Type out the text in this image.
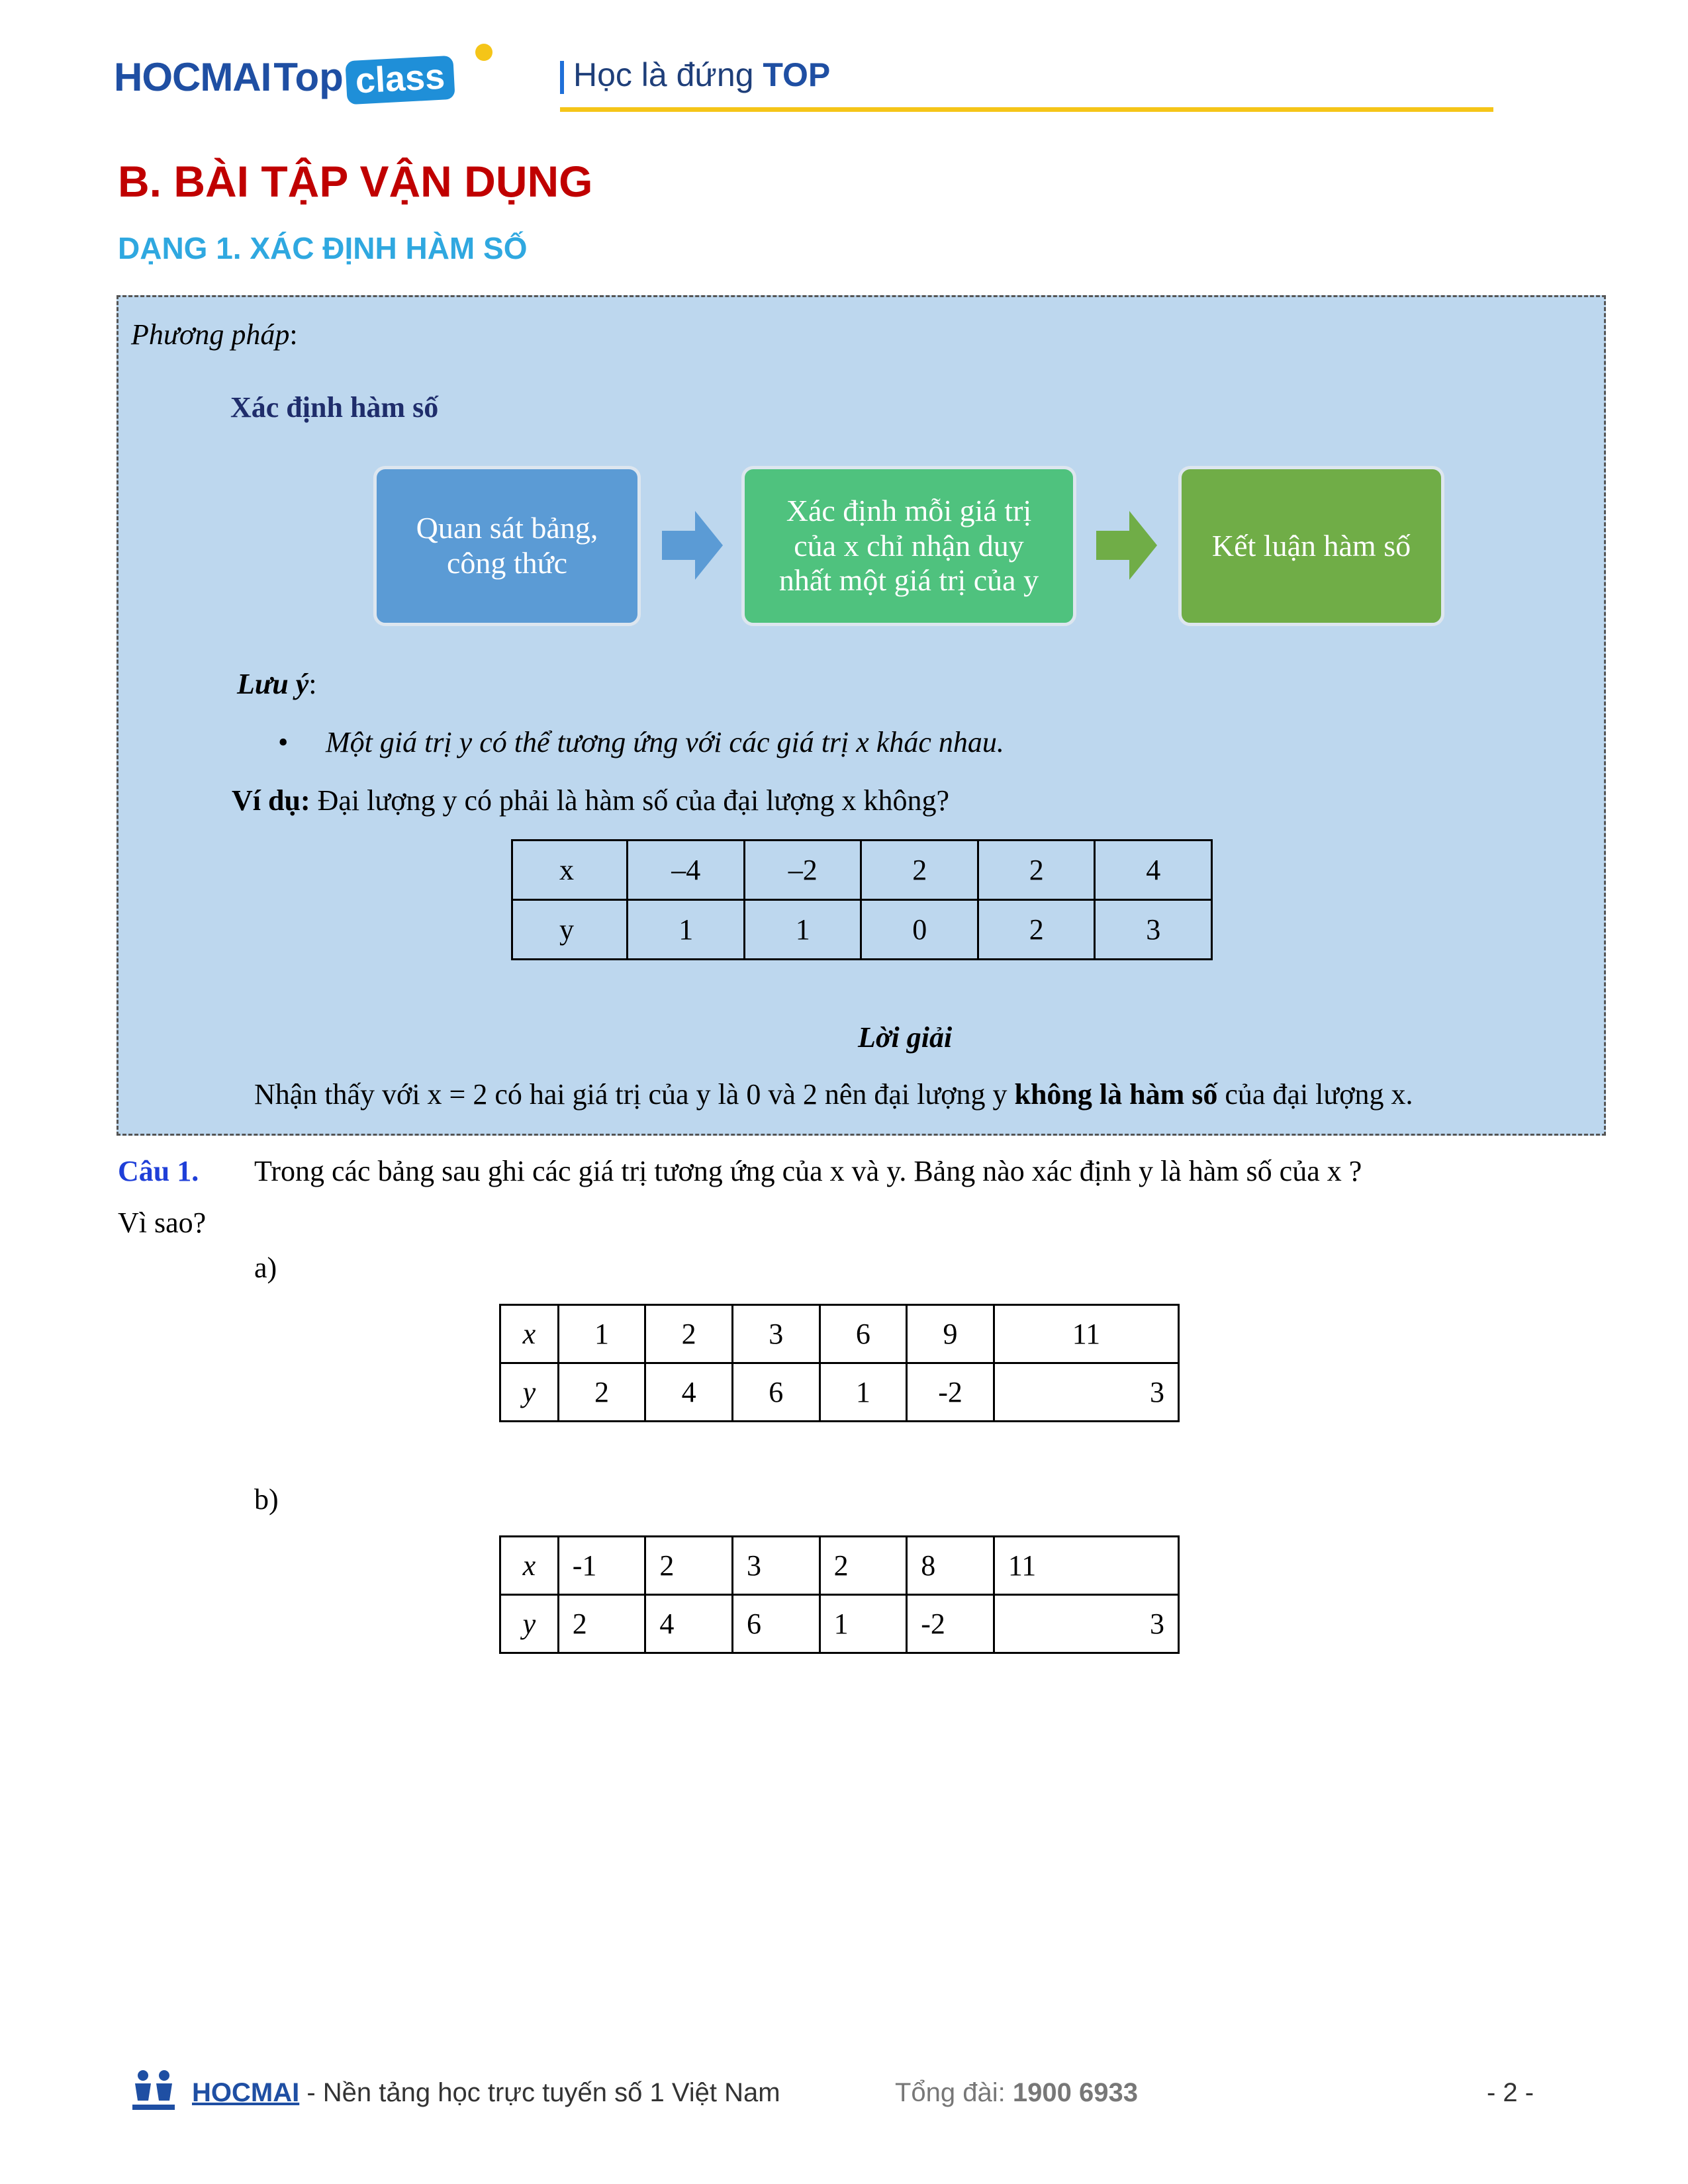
HOCMAI Top class	Học là đứng TOP
B. BÀI TẬP VẬN DỤNG
DẠNG 1. XÁC ĐỊNH HÀM SỐ
Phương pháp:
Xác định hàm số
Quan sát bảng,
công thức
Xác định mỗi giá trị
của x chỉ nhận duy
nhất một giá trị của y
Kết luận hàm số
Lưu ý:
• Một giá trị y có thể tương ứng với các giá trị x khác nhau.
Ví dụ: Đại lượng y có phải là hàm số của đại lượng x không?
x	–4	–2	2	2	4
y	1	1	0	2	3
Lời giải
Nhận thấy với x = 2 có hai giá trị của y là 0 và 2 nên đại lượng y không là hàm số của đại lượng x.
Câu 1. Trong các bảng sau ghi các giá trị tương ứng của x và y. Bảng nào xác định y là hàm số của x ?
Vì sao?
a)
x	1	2	3	6	9	11
y	2	4	6	1	-2	3
b)
x	-1	2	3	2	8	11
y	2	4	6	1	-2	3
HOCMAI - Nền tảng học trực tuyến số 1 Việt Nam	Tổng đài: 1900 6933	- 2 -
